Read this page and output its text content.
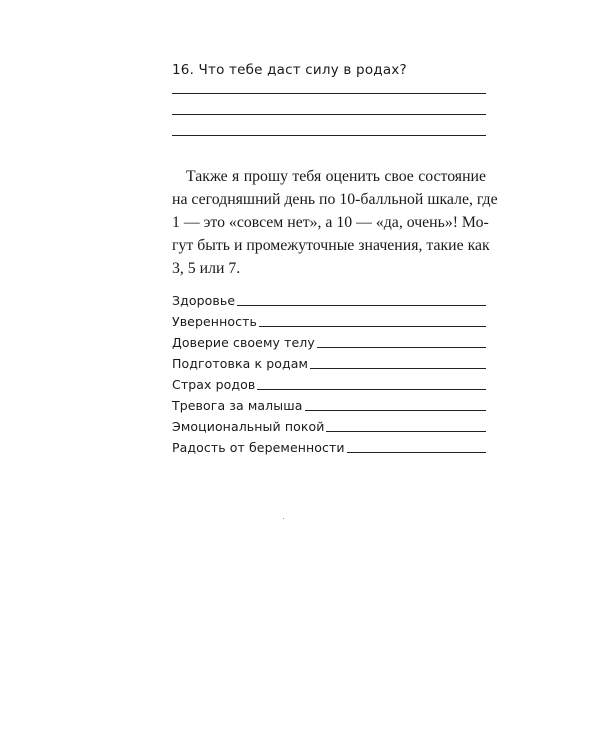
16. Что тебе даст силу в родах?

Также я прошу тебя оценить свое состояние
на сегодняшний день по 10-балльной шкале, где
1 — это «совсем нет», а 10 — «да, очень»! Мо-
гут быть и промежуточные значения, такие как
3, 5 или 7.

Здоровье
Уверенность
Доверие своему телу
Подготовка к родам
Страх родов
Тревога за малыша
Эмоциональный покой
Радость от беременности
